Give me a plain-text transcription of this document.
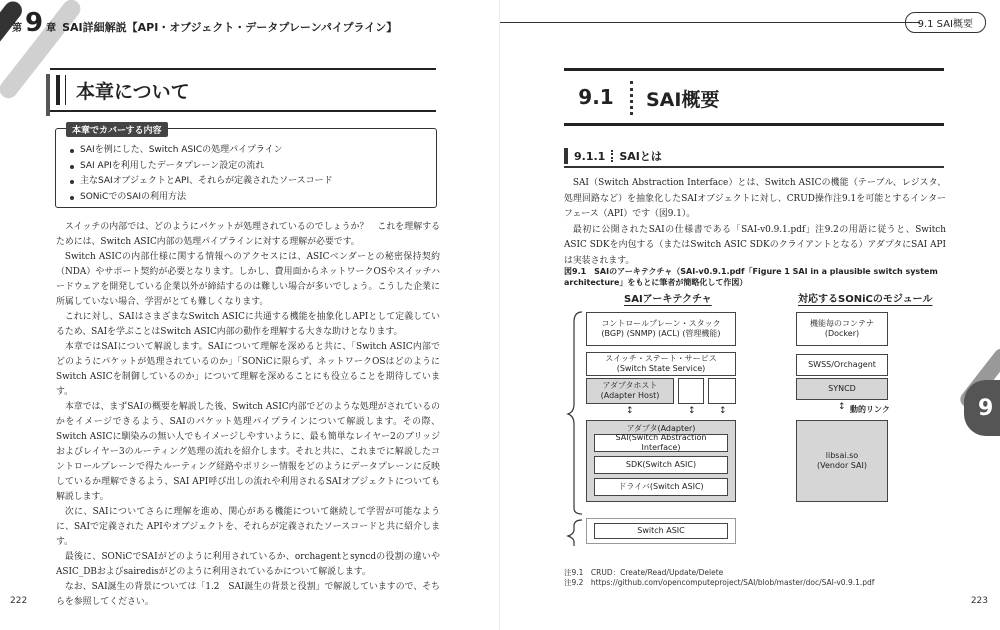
第 9 章 SAI詳細解説【API・オブジェクト・データプレーンパイプライン】
本章について
本章でカバーする内容
SAIを例にした、Switch ASICの処理パイプライン
SAI APIを利用したデータプレーン設定の流れ
主なSAIオブジェクトとAPI、それらが定義されたソースコード
SONiCでのSAIの利用方法

スイッチの内部では、どのようにパケットが処理されているのでしょうか？　これを理解するためには、Switch ASIC内部の処理パイプラインに対する理解が必要です。

Switch ASICの内部仕様に関する情報へのアクセスには、ASICベンダーとの秘密保持契約（NDA）やサポート契約が必要となります。しかし、費用面からネットワークOSやスイッチハードウェアを開発している企業以外が締結するのは難しい場合が多いでしょう。こうした企業に所属していない場合、学習がとても難しくなります。

これに対し、SAIはさまざまなSwitch ASICに共通する機能を抽象化しAPIとして定義しているため、SAIを学ぶことはSwitch ASIC内部の動作を理解する大きな助けとなります。

本章ではSAIについて解説します。SAIについて理解を深めると共に、「Switch ASIC内部でどのようにパケットが処理されているのか」「SONiCに限らず、ネットワークOSはどのようにSwitch ASICを制御しているのか」について理解を深めることにも役立ることを期待しています。

本章では、まずSAIの概要を解説した後、Switch ASIC内部でどのような処理がされているのかをイメージできるよう、SAIのパケット処理パイプラインについて解説します。その際、Switch ASICに馴染みの無い人でもイメージしやすいように、最も簡単なレイヤー2のブリッジおよびレイヤー3のルーティング処理の流れを紹介します。それと共に、これまでに解説したコントロールプレーンで得たルーティング経路やポリシー情報をどのようにデータプレーンに反映しているか理解できるよう、SAI API呼び出しの流れや利用されるSAIオブジェクトについても解説します。

次に、SAIについてさらに理解を進め、関心がある機能について継続して学習が可能なように、SAIで定義された APIやオブジェクトを、それらが定義されたソースコードと共に紹介します。

最後に、SONiCでSAIがどのように利用されているか、orchagentとsyncdの役割の違いやASIC_DBおよびsairedisがどのように利用されているかについて解説します。

なお、SAI誕生の背景については「1.2　SAI誕生の背景と役割」で解説していますので、そちらを参照してください。

222
9.1 SAI概要
9.1	SAI概要
9.1.1 SAIとは

SAI（Switch Abstraction Interface）とは、Switch ASICの機能（テーブル、レジスタ、処理回路など）を抽象化したSAIオブジェクトに対し、CRUD操作注9.1を可能とするインターフェース（API）です（図9.1）。

最初に公開されたSAIの仕様書である「SAI-v0.9.1.pdf」注9.2の用語に従うと、Switch ASIC SDKを内包する（またはSwitch ASIC SDKのクライアントとなる）アダプタにSAI APIは実装されます。

図9.1　SAIのアーキテクチャ（SAI-v0.9.1.pdf「Figure 1 SAI in a plausible switch system architecture」をもとに筆者が簡略化して作図）
SAIアーキテクチャ	対応するSONiCのモジュール
コントロールプレーン・スタック
(BGP) (SNMP) (ACL) (管理機能)
機能毎のコンテナ
(Docker)
スイッチ・ステート・サービス
(Switch State Service)	SWSS/Orchagent
アダプタホスト
(Adapter Host)
SYNCD
↕	↕	↕	↕ 動的リンク
アダプタ(Adapter)
SAI(Switch Abstraction Interface)
SDK(Switch ASIC)
ドライバ(Switch ASIC)
libsai.so
(Vendor SAI)
Switch ASIC
注9.1　CRUD：Create/Read/Update/Delete
注9.2　https://github.com/opencomputeproject/SAI/blob/master/doc/SAI-v0.9.1.pdf
9
223
